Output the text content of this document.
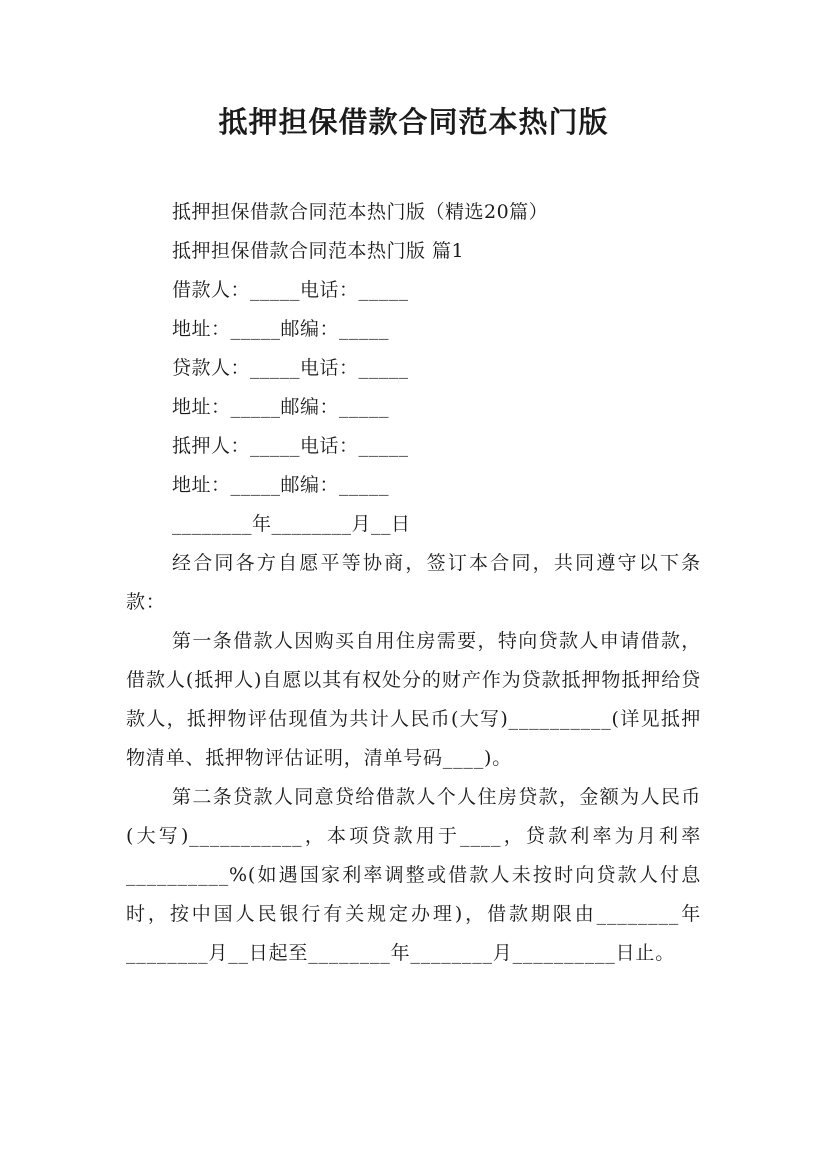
抵押担保借款合同范本热门版
抵押担保借款合同范本热门版（精选20篇）
抵押担保借款合同范本热门版 篇1
借款人：_____电话：_____
地址：_____邮编：_____
贷款人：_____电话：_____
地址：_____邮编：_____
抵押人：_____电话：_____
地址：_____邮编：_____
________年________月__日
经合同各方自愿平等协商，签订本合同，共同遵守以下条款：
第一条借款人因购买自用住房需要，特向贷款人申请借款，借款人(抵押人)自愿以其有权处分的财产作为贷款抵押物抵押给贷款人，抵押物评估现值为共计人民币(大写)__________(详见抵押物清单、抵押物评估证明，清单号码____)。
第二条贷款人同意贷给借款人个人住房贷款，金额为人民币(大写)___________，本项贷款用于____，贷款利率为月利率__________%(如遇国家利率调整或借款人未按时向贷款人付息时，按中国人民银行有关规定办理)，借款期限由________年________月__日起至________年________月__________日止。
